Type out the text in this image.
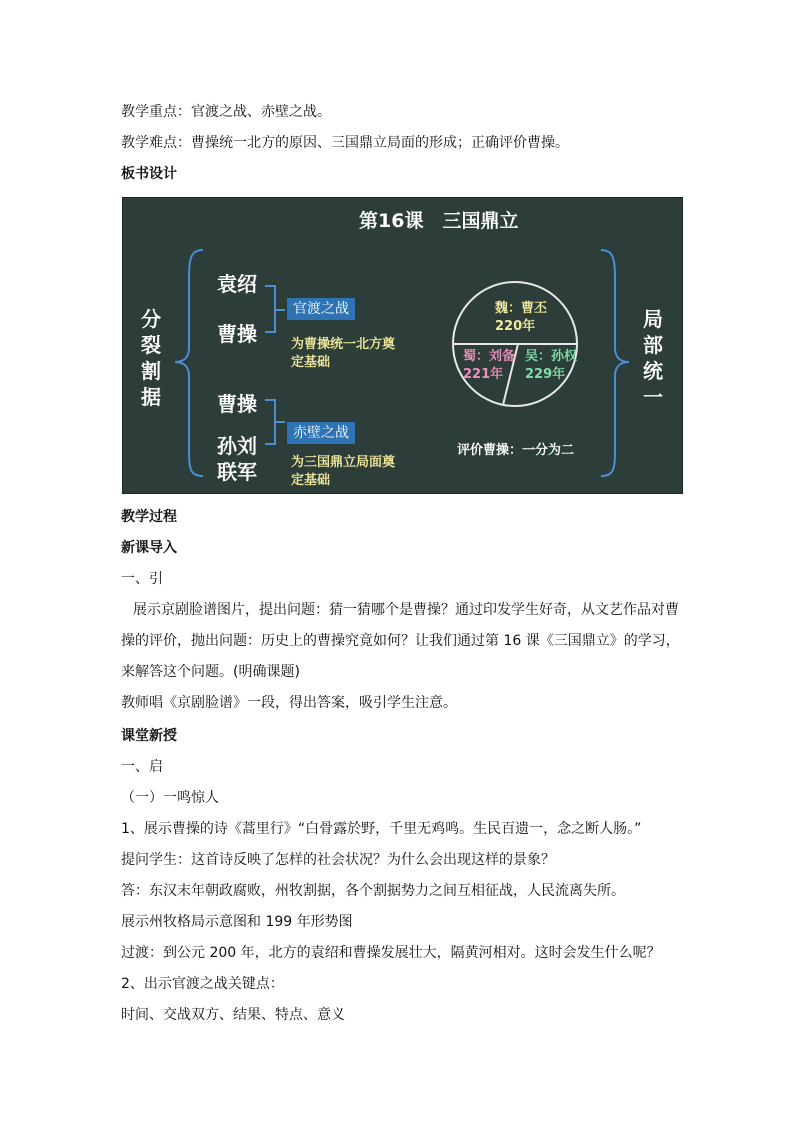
教学重点：官渡之战、赤壁之战。
教学难点：曹操统一北方的原因、三国鼎立局面的形成；正确评价曹操。
板书设计
第16课　三国鼎立
分
裂
割
据
局
部
统
一
袁绍
曹操
官渡之战
为曹操统一北方奠
定基础
曹操
孙刘
联军
赤壁之战
为三国鼎立局面奠
定基础
魏：曹丕
220年
蜀：刘备
221年
吴：孙权
229年
评价曹操：一分为二
教学过程
新课导入
一、引
展示京剧脸谱图片，提出问题：猜一猜哪个是曹操？通过印发学生好奇，从文艺作品对曹
操的评价，抛出问题：历史上的曹操究竟如何？让我们通过第 16 课《三国鼎立》的学习，
来解答这个问题。(明确课题)
教师唱《京剧脸谱》一段，得出答案，吸引学生注意。
课堂新授
一、启
（一）一鸣惊人
1、展示曹操的诗《蒿里行》“白骨露於野，千里无鸡鸣。生民百遗一，念之断人肠。”
提问学生：这首诗反映了怎样的社会状况？为什么会出现这样的景象？
答：东汉末年朝政腐败，州牧割据，各个割据势力之间互相征战，人民流离失所。
展示州牧格局示意图和 199 年形势图
过渡：到公元 200 年，北方的袁绍和曹操发展壮大，隔黄河相对。这时会发生什么呢？
2、出示官渡之战关键点：
时间、交战双方、结果、特点、意义
